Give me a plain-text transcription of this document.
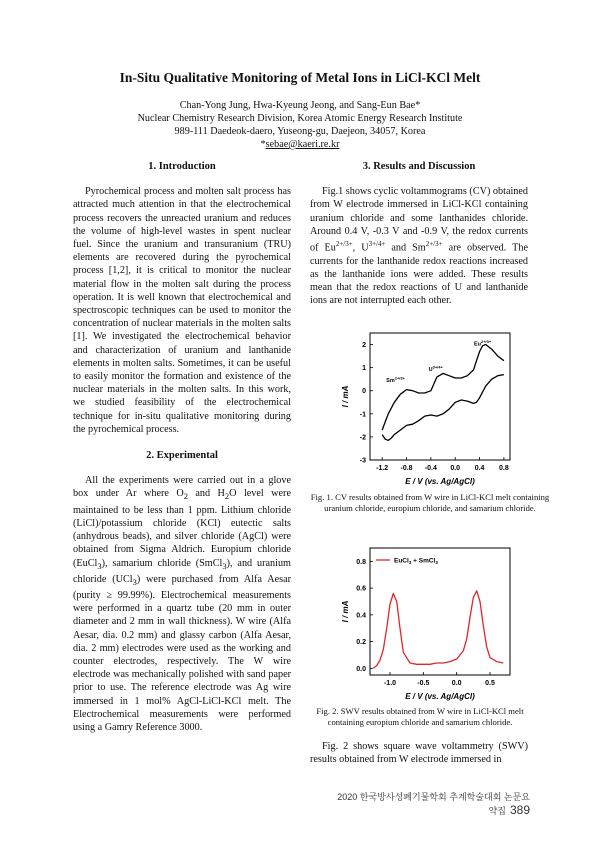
In-Situ Qualitative Monitoring of Metal Ions in LiCl-KCl Melt
Chan-Yong Jung, Hwa-Kyeung Jeong, and Sang-Eun Bae*
Nuclear Chemistry Research Division, Korea Atomic Energy Research Institute
989-111 Daedeok-daero, Yuseong-gu, Daejeon, 34057, Korea
*sebae@kaeri.re.kr

1. Introduction

Pyrochemical process and molten salt process has attracted much attention in that the electrochemical process recovers the unreacted uranium and reduces the volume of high-level wastes in spent nuclear fuel. Since the uranium and transuranium (TRU) elements are recovered during the pyrochemical process [1,2], it is critical to monitor the nuclear material flow in the molten salt during the process operation. It is well known that electrochemical and spectroscopic techniques can be used to monitor the concentration of nuclear materials in the molten salts [1]. We investigated the electrochemical behavior and characterization of uranium and lanthanide elements in molten salts. Sometimes, it can be useful to easily monitor the formation and existence of the nuclear materials in the molten salts. In this work, we studied feasibility of the electrochemical technique for in-situ qualitative monitoring during the pyrochemical process.

2. Experimental

All the experiments were carried out in a glove box under Ar where $O_2$ and $H_2O$ level were maintained to be less than 1 ppm. Lithium chloride (LiCl)/potassium chloride (KCl) eutectic salts (anhydrous beads), and silver chloride (AgCl) were obtained from Sigma Aldrich. Europium chloride (EuCl$_3$), samarium chloride (SmCl$_3$), and uranium chloride (UCl$_3$) were purchased from Alfa Aesar (purity ≥ 99.99%). Electrochemical measurements were performed in a quartz tube (20 mm in outer diameter and 2 mm in wall thickness). W wire (Alfa Aesar, dia. 0.2 mm) and glassy carbon (Alfa Aesar, dia. 2 mm) electrodes were used as the working and counter electrodes, respectively. The W wire electrode was mechanically polished with sand paper prior to use. The reference electrode was Ag wire immersed in 1 mol% AgCl-LiCl-KCl melt. The Electrochemical measurements were performed using a Gamry Reference 3000.

3. Results and Discussion

Fig.1 shows cyclic voltammograms (CV) obtained from W electrode immersed in LiCl-KCl containing uranium chloride and some lanthanides chloride. Around 0.4 V, -0.3 V and -0.9 V, the redox currents of $Eu^{2+/3+}$, $U^{3+/4+}$ and $Sm^{2+/3+}$ are observed. The currents for the lanthanide redox reactions increased as the lanthanide ions were added. These results mean that the redox reactions of U and lanthanide ions are not interrupted each other.

-1.2 -0.8 -0.4 0.0 0.4 0.8
-3
-2
-1
0
1
2
E / V (vs. Ag/AgCl)
I / mA
$Eu^{2+/3+}$
$U^{3+/4+}$
$Sm^{2+/3+}$
Fig. 1. CV results obtained from W wire in LiCl-KCl melt containing uranium chloride, europium chloride, and samarium chloride.
-1.0	-0.5	0.0	0.5
0.0
0.2
0.4
0.6
0.8
E / V (vs. Ag/AgCl)
I / mA
EuCl$_3$ + SmCl$_3$
Fig. 2. SWV results obtained from W wire in LiCl-KCl melt containing europium chloride and samarium chloride.

Fig. 2 shows square wave voltammetry (SWV) results obtained from W electrode immersed in

2020 한국방사성폐기물학회 추계학술대회 논문요약집 389
